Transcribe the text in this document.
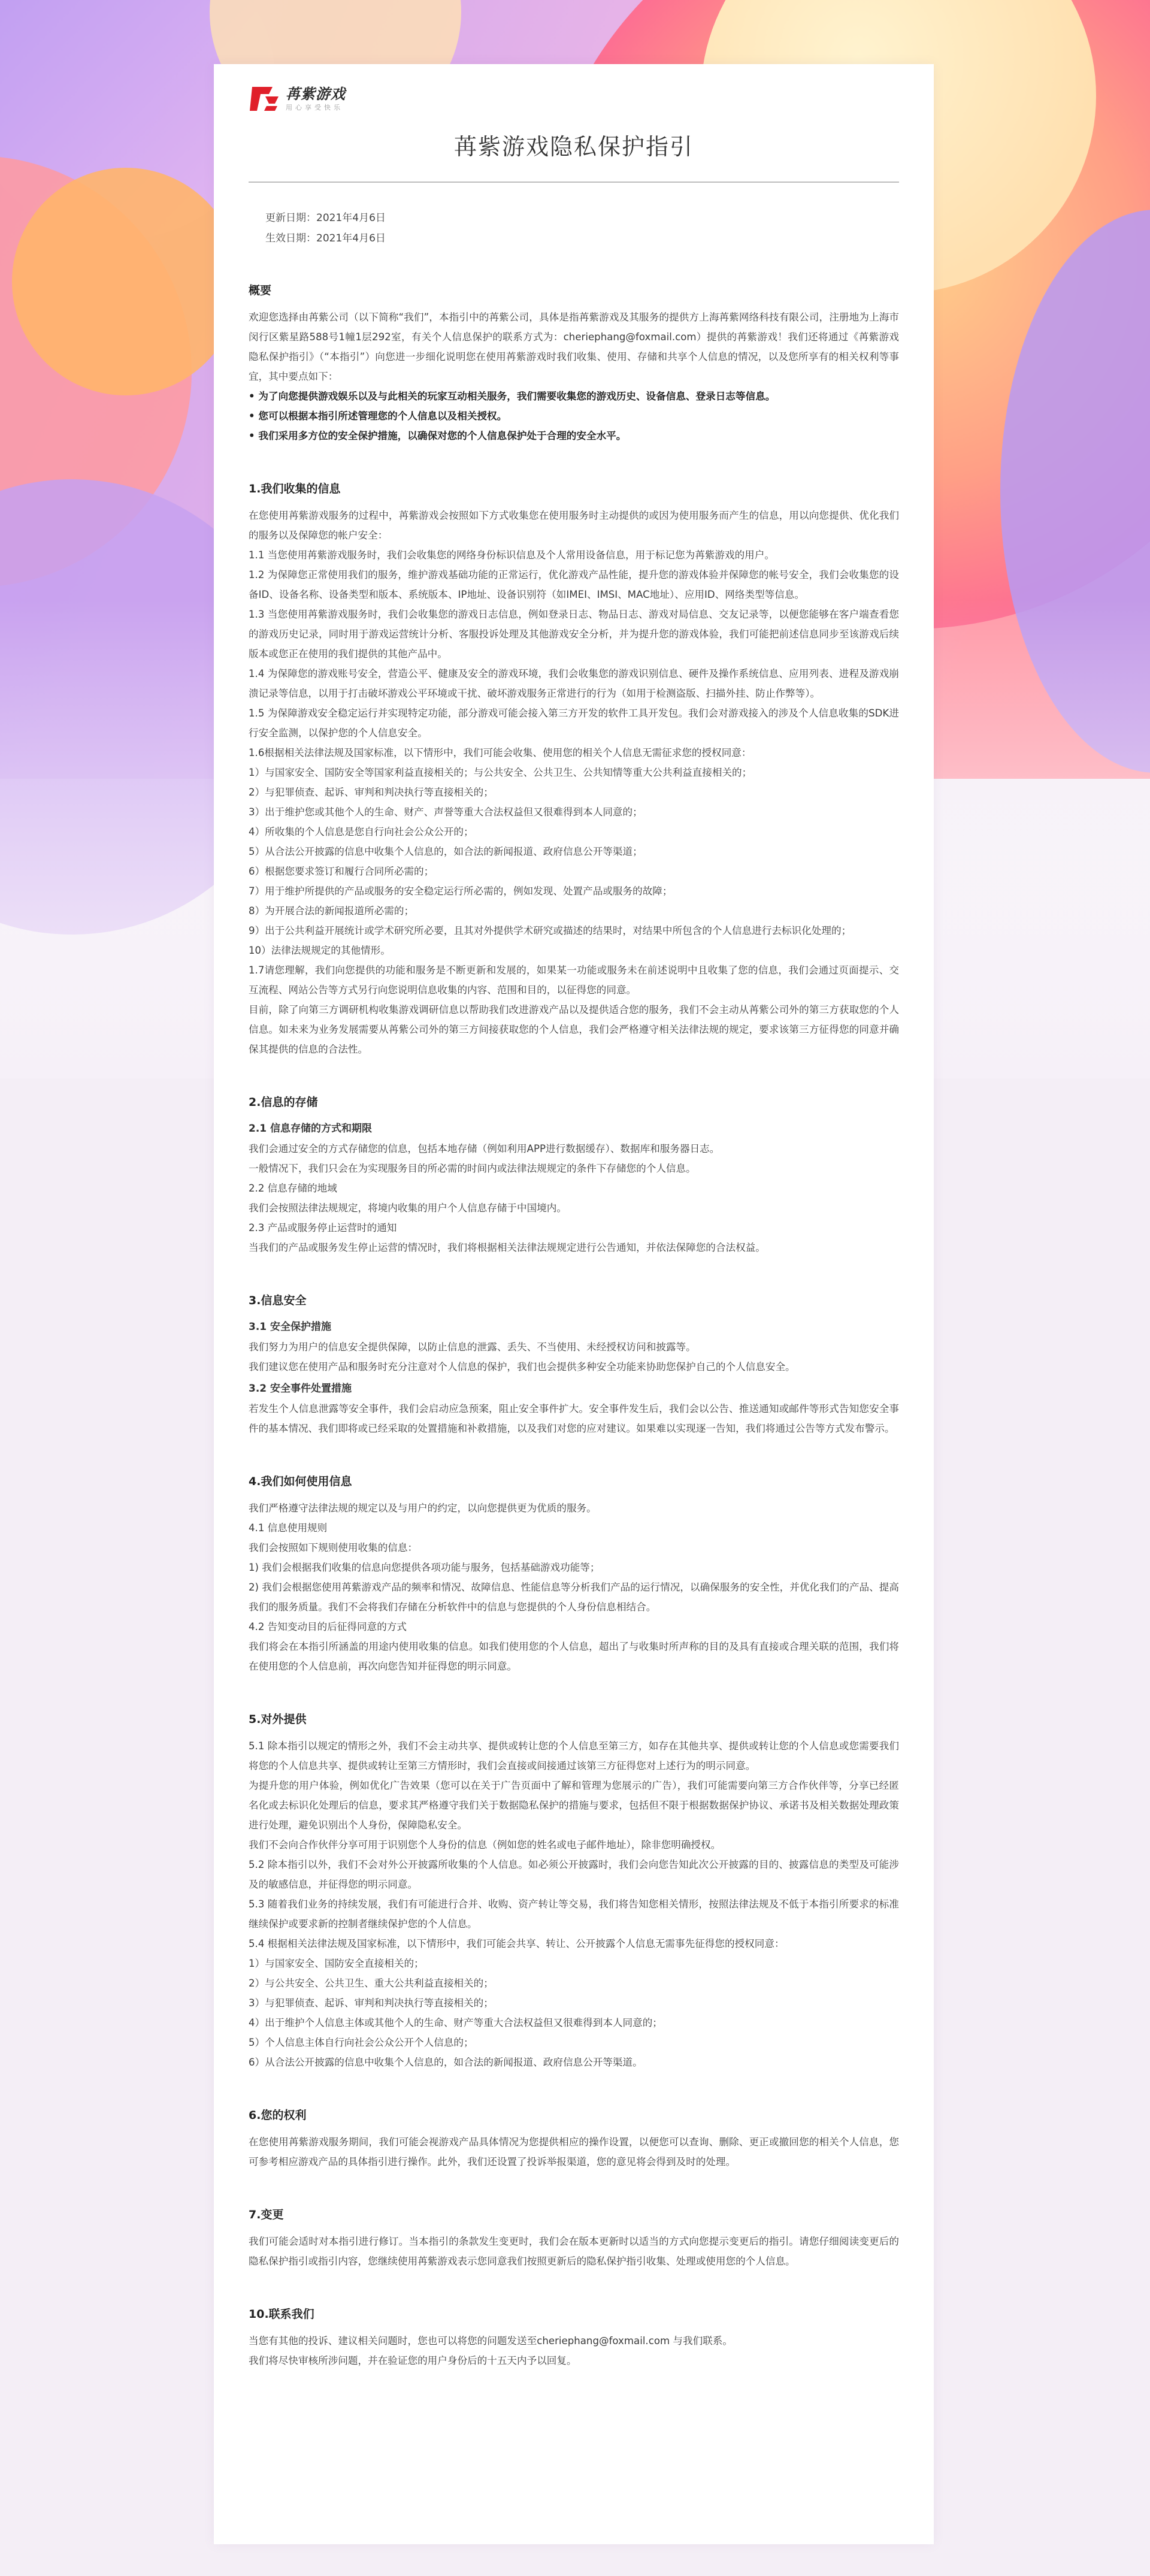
苒紫游戏
用心享受快乐
苒紫游戏隐私保护指引

更新日期：2021年4月6日

生效日期：2021年4月6日

概要

欢迎您选择由苒紫公司（以下简称“我们”，本指引中的苒紫公司，具体是指苒紫游戏及其服务的提供方上海苒紫网络科技有限公司，注册地为上海市闵行区紫星路588号1幢1层292室，有关个人信息保护的联系方式为：cheriephang@foxmail.com）提供的苒紫游戏！我们还将通过《苒紫游戏隐私保护指引》（“本指引”）向您进一步细化说明您在使用苒紫游戏时我们收集、使用、存储和共享个人信息的情况，以及您所享有的相关权利等事宜，其中要点如下：

• 为了向您提供游戏娱乐以及与此相关的玩家互动相关服务，我们需要收集您的游戏历史、设备信息、登录日志等信息。

• 您可以根据本指引所述管理您的个人信息以及相关授权。

• 我们采用多方位的安全保护措施，以确保对您的个人信息保护处于合理的安全水平。

1.我们收集的信息

在您使用苒紫游戏服务的过程中，苒紫游戏会按照如下方式收集您在使用服务时主动提供的或因为使用服务而产生的信息，用以向您提供、优化我们的服务以及保障您的帐户安全：

1.1 当您使用苒紫游戏服务时，我们会收集您的网络身份标识信息及个人常用设备信息，用于标记您为苒紫游戏的用户。

1.2 为保障您正常使用我们的服务，维护游戏基础功能的正常运行，优化游戏产品性能，提升您的游戏体验并保障您的帐号安全，我们会收集您的设备ID、设备名称、设备类型和版本、系统版本、IP地址、设备识别符（如IMEI、IMSI、MAC地址）、应用ID、网络类型等信息。

1.3 当您使用苒紫游戏服务时，我们会收集您的游戏日志信息，例如登录日志、物品日志、游戏对局信息、交友记录等，以便您能够在客户端查看您的游戏历史记录，同时用于游戏运营统计分析、客服投诉处理及其他游戏安全分析，并为提升您的游戏体验，我们可能把前述信息同步至该游戏后续版本或您正在使用的我们提供的其他产品中。

1.4 为保障您的游戏账号安全，营造公平、健康及安全的游戏环境，我们会收集您的游戏识别信息、硬件及操作系统信息、应用列表、进程及游戏崩溃记录等信息，以用于打击破坏游戏公平环境或干扰、破坏游戏服务正常进行的行为（如用于检测盗版、扫描外挂、防止作弊等）。

1.5 为保障游戏安全稳定运行并实现特定功能，部分游戏可能会接入第三方开发的软件工具开发包。我们会对游戏接入的涉及个人信息收集的SDK进行安全监测，以保护您的个人信息安全。

1.6根据相关法律法规及国家标准，以下情形中，我们可能会收集、使用您的相关个人信息无需征求您的授权同意：

1）与国家安全、国防安全等国家利益直接相关的；与公共安全、公共卫生、公共知情等重大公共利益直接相关的；

2）与犯罪侦查、起诉、审判和判决执行等直接相关的；

3）出于维护您或其他个人的生命、财产、声誉等重大合法权益但又很难得到本人同意的；

4）所收集的个人信息是您自行向社会公众公开的；

5）从合法公开披露的信息中收集个人信息的，如合法的新闻报道、政府信息公开等渠道；

6）根据您要求签订和履行合同所必需的；

7）用于维护所提供的产品或服务的安全稳定运行所必需的，例如发现、处置产品或服务的故障；

8）为开展合法的新闻报道所必需的；

9）出于公共利益开展统计或学术研究所必要，且其对外提供学术研究或描述的结果时，对结果中所包含的个人信息进行去标识化处理的；

10）法律法规规定的其他情形。

1.7请您理解，我们向您提供的功能和服务是不断更新和发展的，如果某一功能或服务未在前述说明中且收集了您的信息，我们会通过页面提示、交互流程、网站公告等方式另行向您说明信息收集的内容、范围和目的，以征得您的同意。

目前，除了向第三方调研机构收集游戏调研信息以帮助我们改进游戏产品以及提供适合您的服务，我们不会主动从苒紫公司外的第三方获取您的个人信息。如未来为业务发展需要从苒紫公司外的第三方间接获取您的个人信息，我们会严格遵守相关法律法规的规定，要求该第三方征得您的同意并确保其提供的信息的合法性。

2.信息的存储
2.1 信息存储的方式和期限

我们会通过安全的方式存储您的信息，包括本地存储（例如利用APP进行数据缓存）、数据库和服务器日志。

一般情况下，我们只会在为实现服务目的所必需的时间内或法律法规规定的条件下存储您的个人信息。

2.2 信息存储的地域

我们会按照法律法规规定，将境内收集的用户个人信息存储于中国境内。

2.3 产品或服务停止运营时的通知

当我们的产品或服务发生停止运营的情况时，我们将根据相关法律法规规定进行公告通知，并依法保障您的合法权益。

3.信息安全
3.1 安全保护措施

我们努力为用户的信息安全提供保障，以防止信息的泄露、丢失、不当使用、未经授权访问和披露等。

我们建议您在使用产品和服务时充分注意对个人信息的保护，我们也会提供多种安全功能来协助您保护自己的个人信息安全。

3.2 安全事件处置措施

若发生个人信息泄露等安全事件，我们会启动应急预案，阻止安全事件扩大。安全事件发生后，我们会以公告、推送通知或邮件等形式告知您安全事件的基本情况、我们即将或已经采取的处置措施和补救措施，以及我们对您的应对建议。如果难以实现逐一告知，我们将通过公告等方式发布警示。

4.我们如何使用信息

我们严格遵守法律法规的规定以及与用户的约定，以向您提供更为优质的服务。

4.1 信息使用规则

我们会按照如下规则使用收集的信息：

1) 我们会根据我们收集的信息向您提供各项功能与服务，包括基础游戏功能等；

2) 我们会根据您使用苒紫游戏产品的频率和情况、故障信息、性能信息等分析我们产品的运行情况，以确保服务的安全性，并优化我们的产品、提高我们的服务质量。我们不会将我们存储在分析软件中的信息与您提供的个人身份信息相结合。

4.2 告知变动目的后征得同意的方式

我们将会在本指引所涵盖的用途内使用收集的信息。如我们使用您的个人信息，超出了与收集时所声称的目的及具有直接或合理关联的范围，我们将在使用您的个人信息前，再次向您告知并征得您的明示同意。

5.对外提供

5.1 除本指引以规定的情形之外，我们不会主动共享、提供或转让您的个人信息至第三方，如存在其他共享、提供或转让您的个人信息或您需要我们将您的个人信息共享、提供或转让至第三方情形时，我们会直接或间接通过该第三方征得您对上述行为的明示同意。

为提升您的用户体验，例如优化广告效果（您可以在关于广告页面中了解和管理为您展示的广告），我们可能需要向第三方合作伙伴等，分享已经匿名化或去标识化处理后的信息，要求其严格遵守我们关于数据隐私保护的措施与要求，包括但不限于根据数据保护协议、承诺书及相关数据处理政策进行处理，避免识别出个人身份，保障隐私安全。

我们不会向合作伙伴分享可用于识别您个人身份的信息（例如您的姓名或电子邮件地址），除非您明确授权。

5.2 除本指引以外，我们不会对外公开披露所收集的个人信息。如必须公开披露时，我们会向您告知此次公开披露的目的、披露信息的类型及可能涉及的敏感信息，并征得您的明示同意。

5.3 随着我们业务的持续发展，我们有可能进行合并、收购、资产转让等交易，我们将告知您相关情形，按照法律法规及不低于本指引所要求的标准继续保护或要求新的控制者继续保护您的个人信息。

5.4 根据相关法律法规及国家标准，以下情形中，我们可能会共享、转让、公开披露个人信息无需事先征得您的授权同意：

1）与国家安全、国防安全直接相关的；

2）与公共安全、公共卫生、重大公共利益直接相关的；

3）与犯罪侦查、起诉、审判和判决执行等直接相关的；

4）出于维护个人信息主体或其他个人的生命、财产等重大合法权益但又很难得到本人同意的；

5）个人信息主体自行向社会公众公开个人信息的；

6）从合法公开披露的信息中收集个人信息的，如合法的新闻报道、政府信息公开等渠道。

6.您的权利

在您使用苒紫游戏服务期间，我们可能会视游戏产品具体情况为您提供相应的操作设置，以便您可以查询、删除、更正或撤回您的相关个人信息，您可参考相应游戏产品的具体指引进行操作。此外，我们还设置了投诉举报渠道，您的意见将会得到及时的处理。

7.变更

我们可能会适时对本指引进行修订。当本指引的条款发生变更时，我们会在版本更新时以适当的方式向您提示变更后的指引。请您仔细阅读变更后的隐私保护指引或指引内容，您继续使用苒紫游戏表示您同意我们按照更新后的隐私保护指引收集、处理或使用您的个人信息。

10.联系我们

当您有其他的投诉、建议相关问题时，您也可以将您的问题发送至cheriephang@foxmail.com 与我们联系。

我们将尽快审核所涉问题，并在验证您的用户身份后的十五天内予以回复。
